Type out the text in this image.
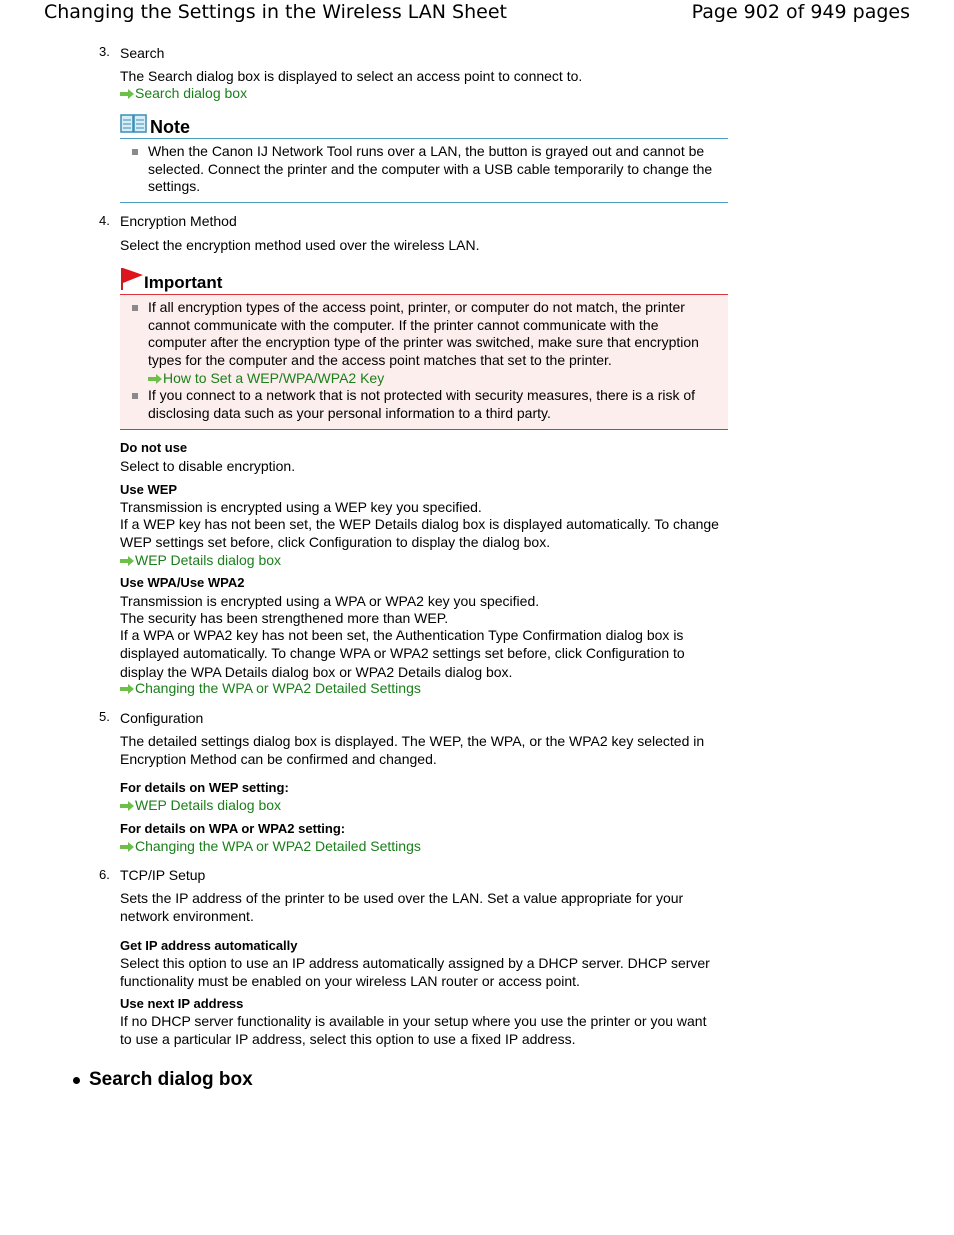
Changing the Settings in the Wireless LAN Sheet	Page 902 of 949 pages
3. Search
The Search dialog box is displayed to select an access point to connect to.
Search dialog box
Note
When the Canon IJ Network Tool runs over a LAN, the button is grayed out and cannot be selected. Connect the printer and the computer with a USB cable temporarily to change the settings.
4. Encryption Method
Select the encryption method used over the wireless LAN.
Important
If all encryption types of the access point, printer, or computer do not match, the printer cannot communicate with the computer. If the printer cannot communicate with the computer after the encryption type of the printer was switched, make sure that encryption types for the computer and the access point matches that set to the printer.
How to Set a WEP/WPA/WPA2 Key
If you connect to a network that is not protected with security measures, there is a risk of disclosing data such as your personal information to a third party.
Do not use
Select to disable encryption.
Use WEP
Transmission is encrypted using a WEP key you specified.
If a WEP key has not been set, the WEP Details dialog box is displayed automatically. To change WEP settings set before, click Configuration to display the dialog box.
WEP Details dialog box
Use WPA/Use WPA2
Transmission is encrypted using a WPA or WPA2 key you specified.
The security has been strengthened more than WEP.
If a WPA or WPA2 key has not been set, the Authentication Type Confirmation dialog box is displayed automatically. To change WPA or WPA2 settings set before, click Configuration to display the WPA Details dialog box or WPA2 Details dialog box.
Changing the WPA or WPA2 Detailed Settings
5. Configuration
The detailed settings dialog box is displayed. The WEP, the WPA, or the WPA2 key selected in Encryption Method can be confirmed and changed.
For details on WEP setting:
WEP Details dialog box
For details on WPA or WPA2 setting:
Changing the WPA or WPA2 Detailed Settings
6. TCP/IP Setup
Sets the IP address of the printer to be used over the LAN. Set a value appropriate for your network environment.
Get IP address automatically
Select this option to use an IP address automatically assigned by a DHCP server. DHCP server functionality must be enabled on your wireless LAN router or access point.
Use next IP address
If no DHCP server functionality is available in your setup where you use the printer or you want to use a particular IP address, select this option to use a fixed IP address.
Search dialog box
